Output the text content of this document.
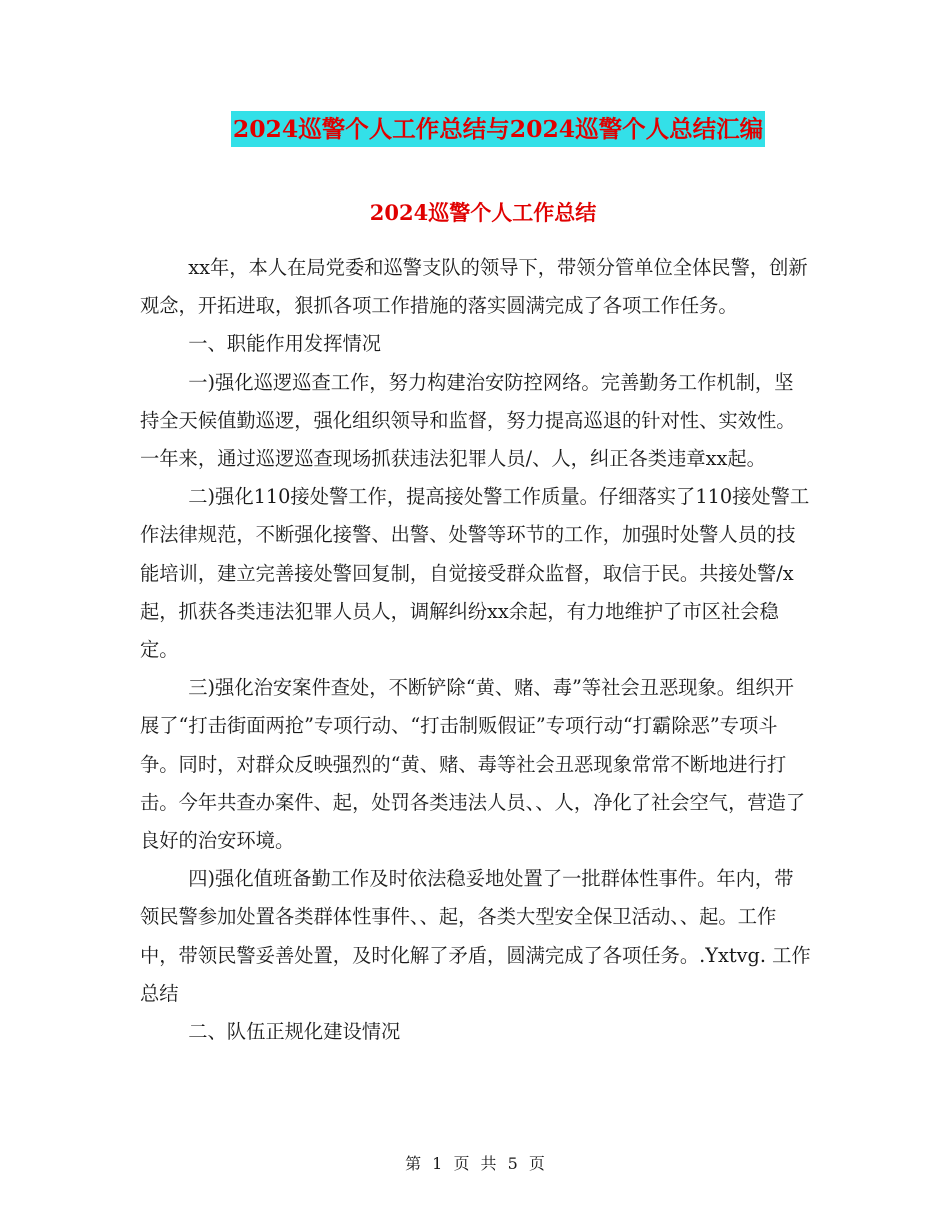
2024巡警个人工作总结与2024巡警个人总结汇编
2024巡警个人工作总结

xx年，本人在局党委和巡警支队的领导下，带领分管单位全体民警，创新观念，开拓进取，狠抓各项工作措施的落实圆满完成了各项工作任务。

一、职能作用发挥情况

一)强化巡逻巡查工作，努力构建治安防控网络。完善勤务工作机制，坚持全天候值勤巡逻，强化组织领导和监督，努力提高巡退的针对性、实效性。一年来，通过巡逻巡查现场抓获违法犯罪人员/、人，纠正各类违章xx起。

二)强化110接处警工作，提高接处警工作质量。仔细落实了110接处警工作法律规范，不断强化接警、出警、处警等环节的工作，加强时处警人员的技能培训，建立完善接处警回复制，自觉接受群众监督，取信于民。共接处警/x起，抓获各类违法犯罪人员人，调解纠纷xx余起，有力地维护了市区社会稳定。

三)强化治安案件查处，不断铲除“黄、赌、毒”等社会丑恶现象。组织开展了“打击街面两抢”专项行动、“打击制贩假证”专项行动“打霸除恶”专项斗争。同时，对群众反映强烈的“黄、赌、毒等社会丑恶现象常常不断地进行打击。今年共查办案件、起，处罚各类违法人员、、人，净化了社会空气，营造了良好的治安环境。

四)强化值班备勤工作及时依法稳妥地处置了一批群体性事件。年内，带领民警参加处置各类群体性事件、、起，各类大型安全保卫活动、、起。工作中，带领民警妥善处置，及时化解了矛盾，圆满完成了各项任务。.Yxtvg. 工作总结

二、队伍正规化建设情况

第 1 页 共 5 页
